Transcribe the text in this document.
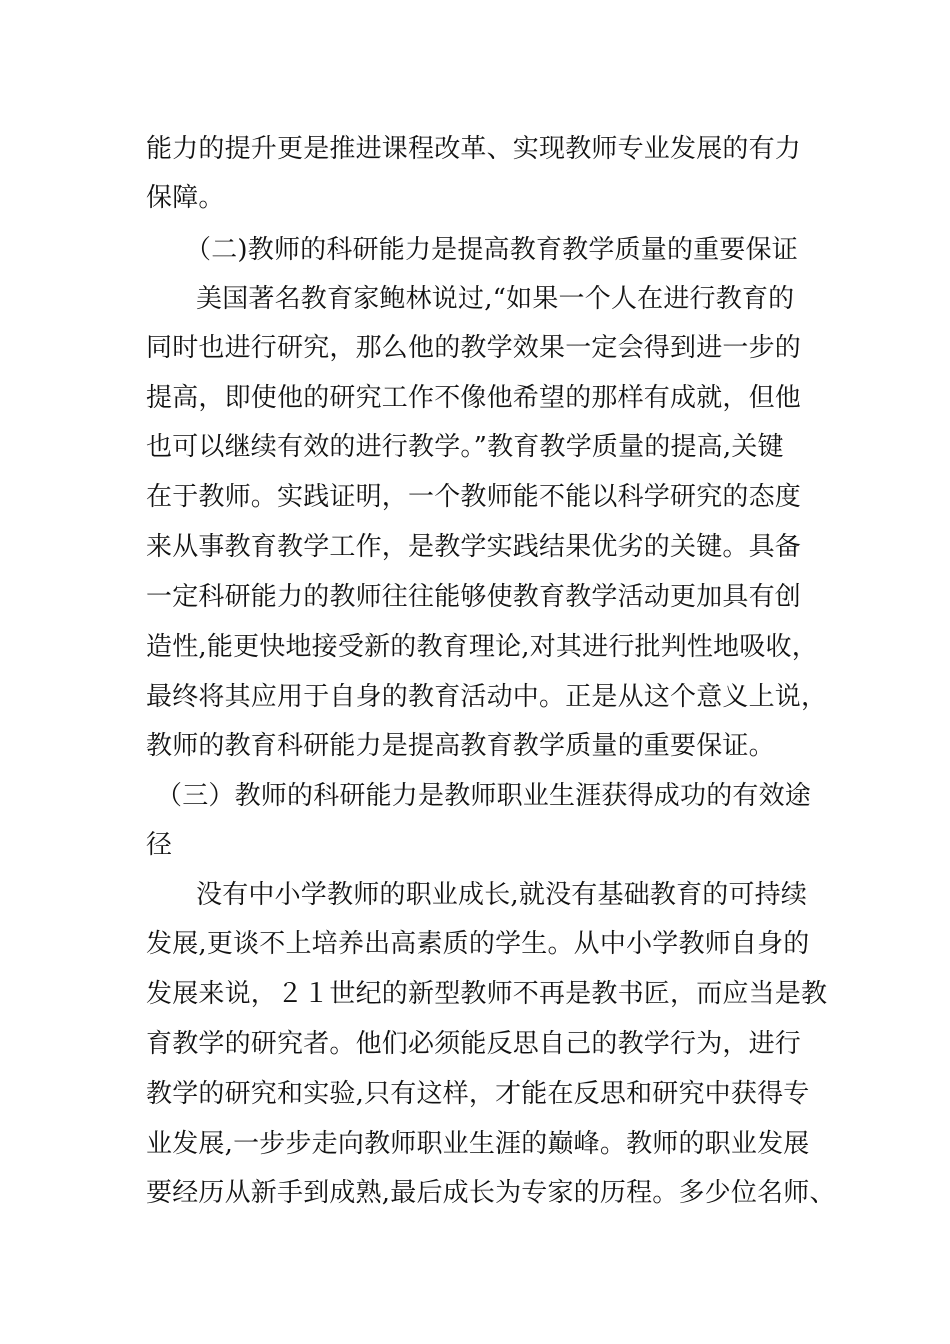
能力的提升更是推进课程改革、实现教师专业发展的有力
保障。
（二)教师的科研能力是提高教育教学质量的重要保证
美国著名教育家鲍林说过,“如果一个人在进行教育的
同时也进行研究，那么他的教学效果一定会得到进一步的
提高，即使他的研究工作不像他希望的那样有成就，但他
也可以继续有效的进行教学。”教育教学质量的提高,关键
在于教师。实践证明，一个教师能不能以科学研究的态度
来从事教育教学工作，是教学实践结果优劣的关键。具备
一定科研能力的教师往往能够使教育教学活动更加具有创
造性,能更快地接受新的教育理论,对其进行批判性地吸收，
最终将其应用于自身的教育活动中。正是从这个意义上说，
教师的教育科研能力是提高教育教学质量的重要保证。
（三）教师的科研能力是教师职业生涯获得成功的有效途
径
没有中小学教师的职业成长,就没有基础教育的可持续
发展,更谈不上培养出高素质的学生。从中小学教师自身的
发展来说，２１世纪的新型教师不再是教书匠，而应当是教
育教学的研究者。他们必须能反思自己的教学行为，进行
教学的研究和实验,只有这样，才能在反思和研究中获得专
业发展,一步步走向教师职业生涯的巅峰。教师的职业发展
要经历从新手到成熟,最后成长为专家的历程。多少位名师、
